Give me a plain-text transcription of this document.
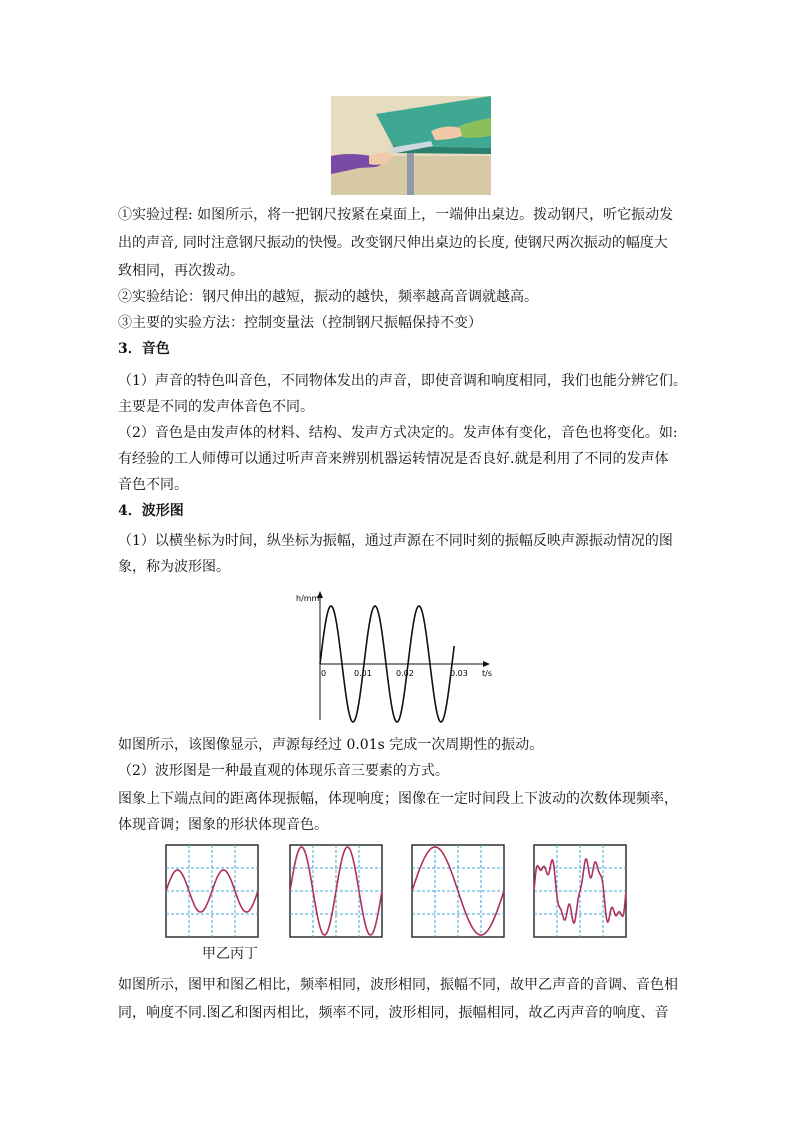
①实验过程: 如图所示，将一把钢尺按紧在桌面上，一端伸出桌边。拨动钢尺，听它振动发
出的声音, 同时注意钢尺振动的快慢。改变钢尺伸出桌边的长度, 使钢尺两次振动的幅度大
致相同，再次拨动。
②实验结论：钢尺伸出的越短，振动的越快，频率越高音调就越高。
③主要的实验方法：控制变量法（控制钢尺振幅保持不变）
3．音色
（1）声音的特色叫音色，不同物体发出的声音，即使音调和响度相同，我们也能分辨它们。
主要是不同的发声体音色不同。
（2）音色是由发声体的材料、结构、发声方式决定的。发声体有变化，音色也将变化。如:
有经验的工人师傅可以通过听声音来辨别机器运转情况是否良好.就是利用了不同的发声体
音色不同。
4．波形图
（1）以横坐标为时间，纵坐标为振幅，通过声源在不同时刻的振幅反映声源振动情况的图
象，称为波形图。
h/mm
t/s
0	0.01	0.02	0.03
如图所示，该图像显示，声源每经过 0.01s 完成一次周期性的振动。
（2）波形图是一种最直观的体现乐音三要素的方式。
图象上下端点间的距离体现振幅，体现响度；图像在一定时间段上下波动的次数体现频率，
体现音调；图象的形状体现音色。
甲乙丙丁
如图所示，图甲和图乙相比，频率相同，波形相同，振幅不同，故甲乙声音的音调、音色相
同，响度不同.图乙和图丙相比，频率不同，波形相同，振幅相同，故乙丙声音的响度、音
